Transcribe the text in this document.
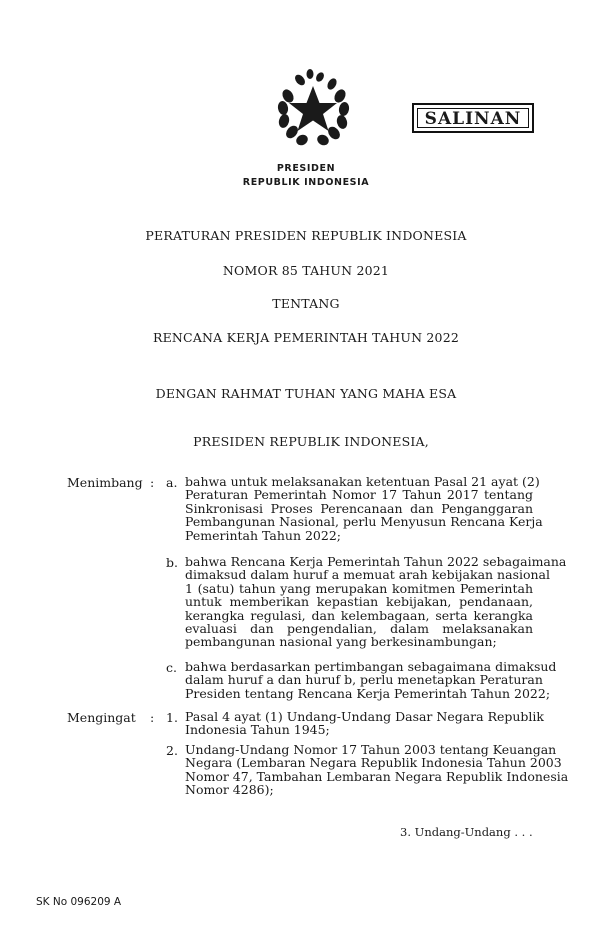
SALINAN
PRESIDEN
REPUBLIK INDONESIA
PERATURAN PRESIDEN REPUBLIK INDONESIA
NOMOR 85 TAHUN 2021
TENTANG
RENCANA KERJA PEMERINTAH TAHUN 2022
DENGAN RAHMAT TUHAN YANG MAHA ESA
PRESIDEN REPUBLIK INDONESIA,
Menimbang : a. bahwa untuk melaksanakan ketentuan Pasal 21 ayat (2)
Peraturan Pemerintah Nomor 17 Tahun 2017 tentang
Sinkronisasi Proses Perencanaan dan Penganggaran
Pembangunan Nasional, perlu Menyusun Rencana Kerja
Pemerintah Tahun 2022;
b. bahwa Rencana Kerja Pemerintah Tahun 2022 sebagaimana
dimaksud dalam huruf a memuat arah kebijakan nasional
1 (satu) tahun yang merupakan komitmen Pemerintah
untuk memberikan kepastian kebijakan, pendanaan,
kerangka regulasi, dan kelembagaan, serta kerangka
evaluasi dan pengendalian, dalam melaksanakan
pembangunan nasional yang berkesinambungan;
c. bahwa berdasarkan pertimbangan sebagaimana dimaksud
dalam huruf a dan huruf b, perlu menetapkan Peraturan
Presiden tentang Rencana Kerja Pemerintah Tahun 2022;
Mengingat : 1. Pasal 4 ayat (1) Undang-Undang Dasar Negara Republik
Indonesia Tahun 1945;
2. Undang-Undang Nomor 17 Tahun 2003 tentang Keuangan
Negara (Lembaran Negara Republik Indonesia Tahun 2003
Nomor 47, Tambahan Lembaran Negara Republik Indonesia
Nomor 4286);
3. Undang-Undang . . .
SK No 096209 A
